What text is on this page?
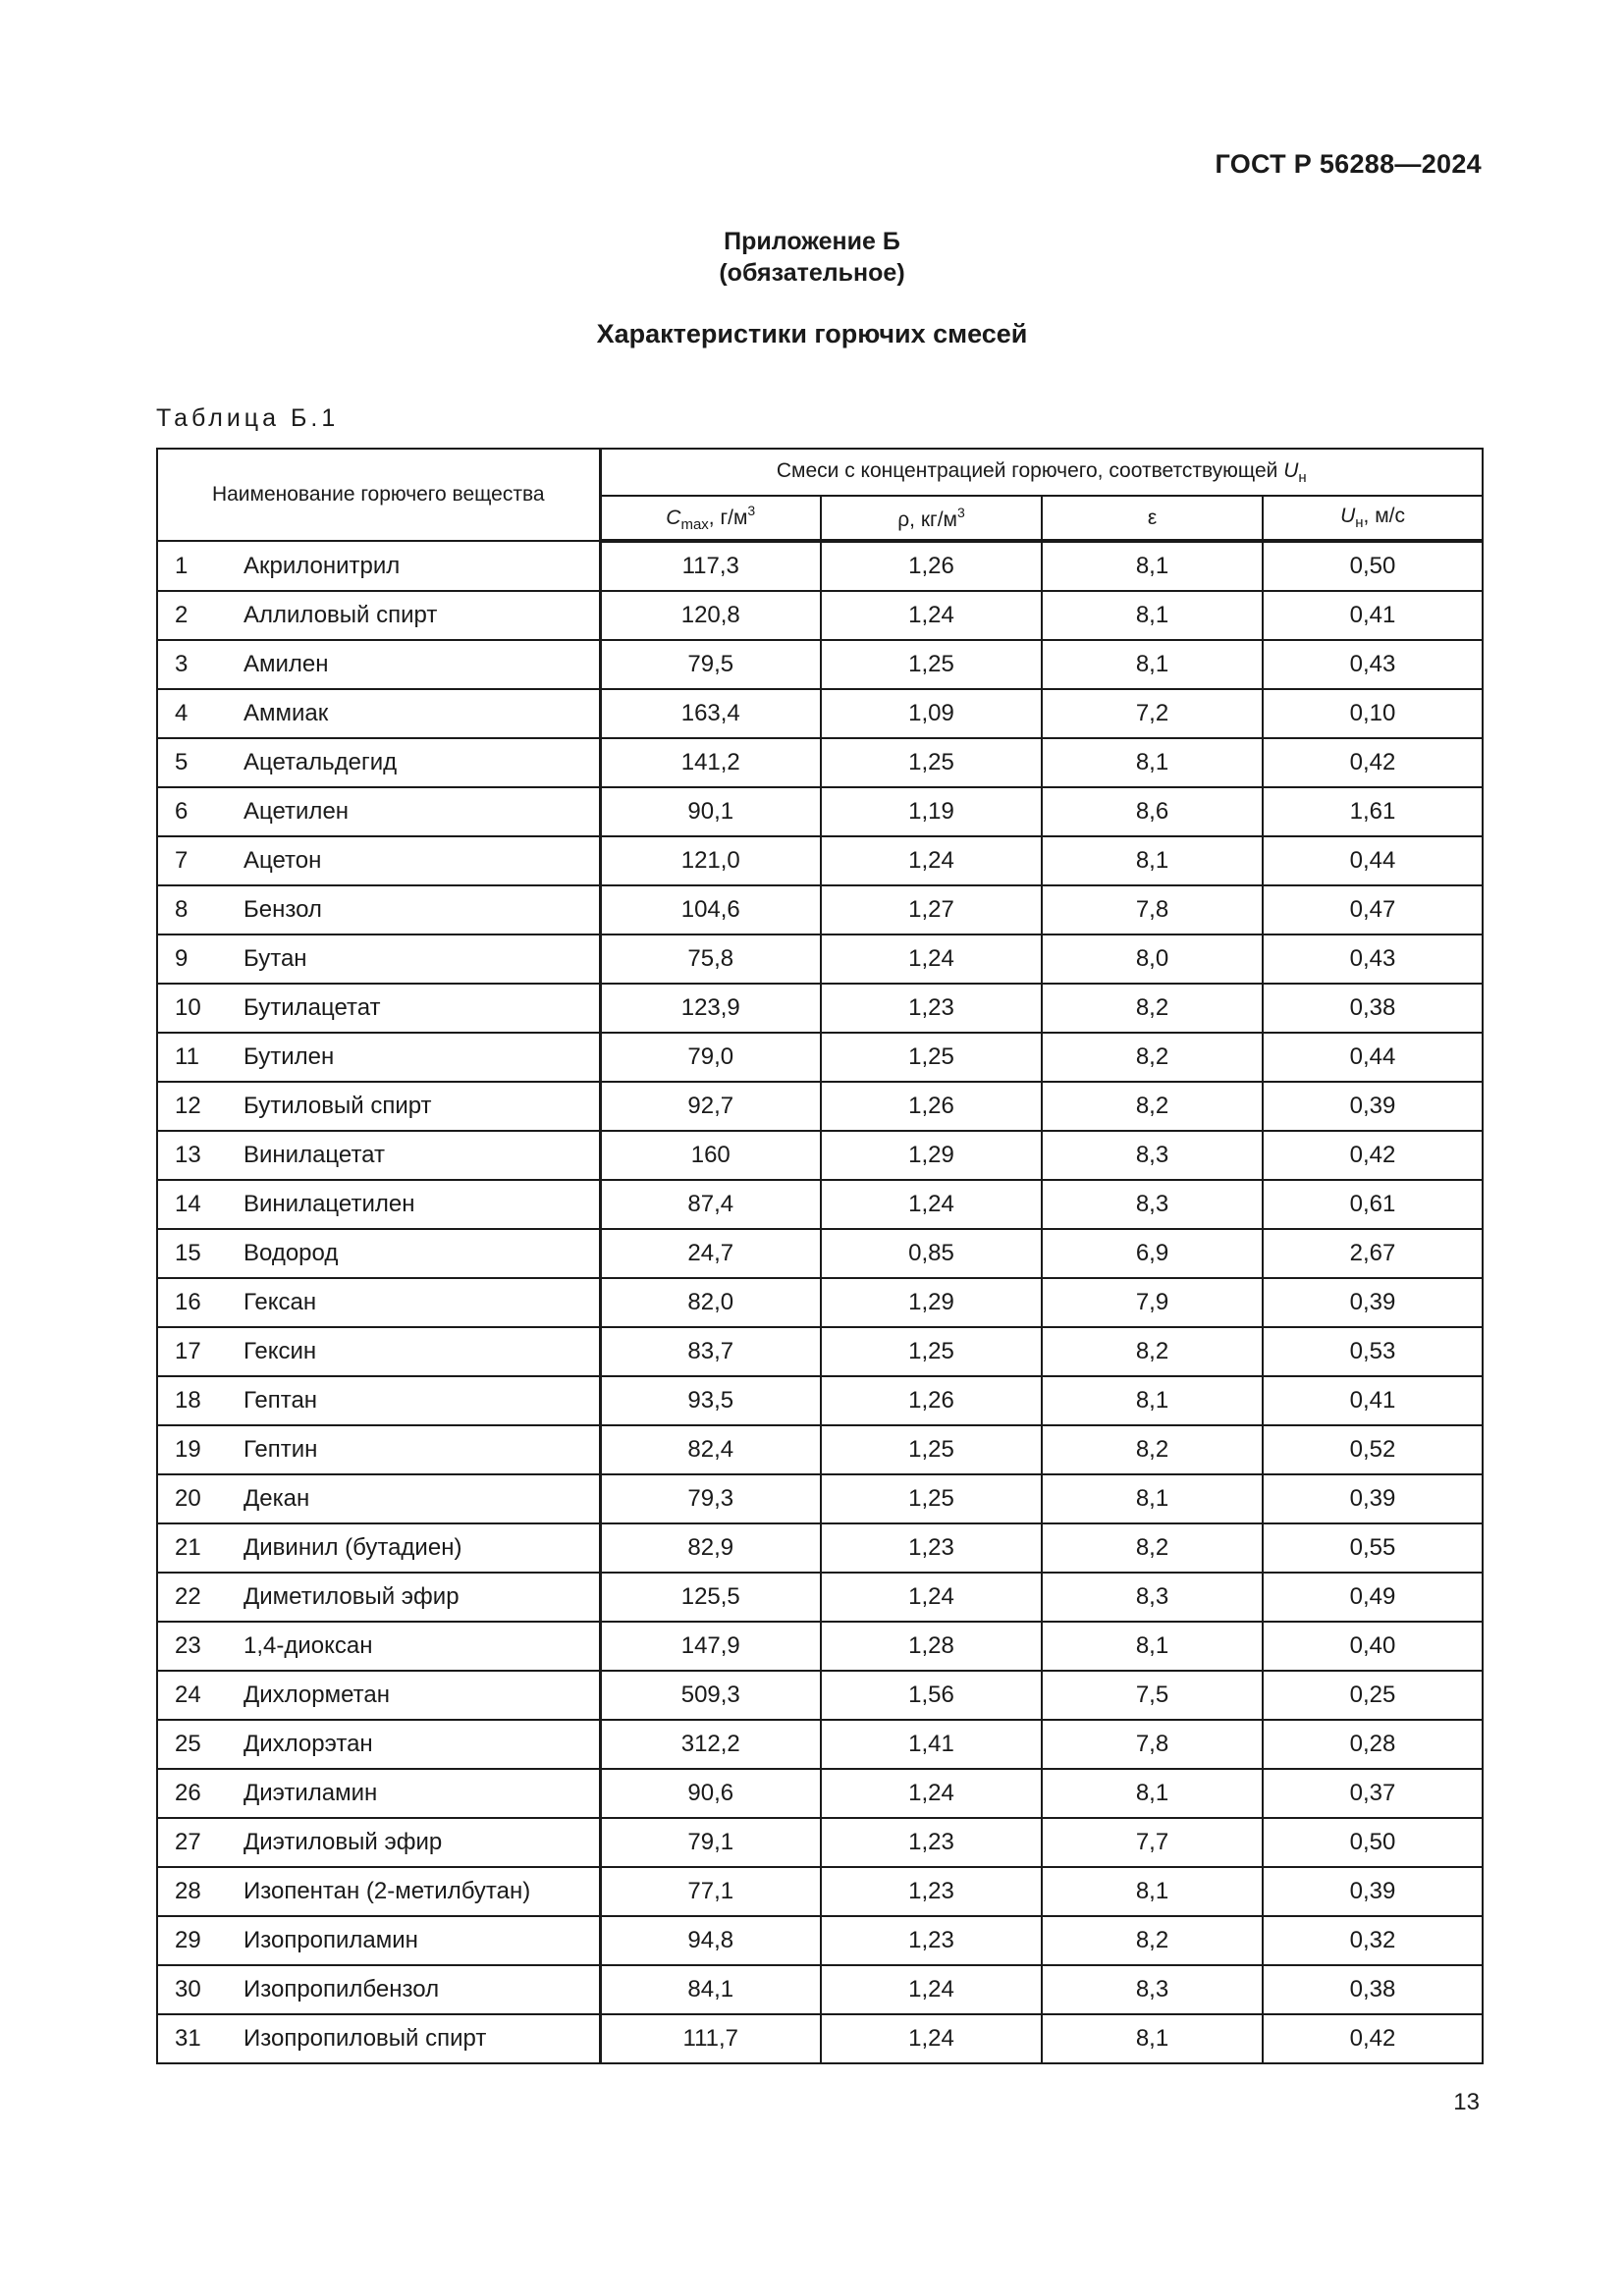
ГОСТ Р 56288—2024
Приложение Б
(обязательное)
Характеристики горючих смесей
Таблица Б.1
Наименование горючего вещества		Смеси с концентрацией горючего, соответствующей $U_н$
		$C_{max}$, $г/м^3$	ρ, $кг/м^3$	ε	$U_н$, м/с
1	Акрилонитрил	117,3	1,26	8,1	0,50
2	Аллиловый спирт	120,8	1,24	8,1	0,41
3	Амилен	79,5	1,25	8,1	0,43
4	Аммиак	163,4	1,09	7,2	0,10
5	Ацетальдегид	141,2	1,25	8,1	0,42
6	Ацетилен	90,1	1,19	8,6	1,61
7	Ацетон	121,0	1,24	8,1	0,44
8	Бензол	104,6	1,27	7,8	0,47
9	Бутан	75,8	1,24	8,0	0,43
10	Бутилацетат	123,9	1,23	8,2	0,38
11	Бутилен	79,0	1,25	8,2	0,44
12	Бутиловый спирт	92,7	1,26	8,2	0,39
13	Винилацетат	160	1,29	8,3	0,42
14	Винилацетилен	87,4	1,24	8,3	0,61
15	Водород	24,7	0,85	6,9	2,67
16	Гексан	82,0	1,29	7,9	0,39
17	Гексин	83,7	1,25	8,2	0,53
18	Гептан	93,5	1,26	8,1	0,41
19	Гептин	82,4	1,25	8,2	0,52
20	Декан	79,3	1,25	8,1	0,39
21	Дивинил (бутадиен)	82,9	1,23	8,2	0,55
22	Диметиловый эфир	125,5	1,24	8,3	0,49
23	1,4-диоксан	147,9	1,28	8,1	0,40
24	Дихлорметан	509,3	1,56	7,5	0,25
25	Дихлорэтан	312,2	1,41	7,8	0,28
26	Диэтиламин	90,6	1,24	8,1	0,37
27	Диэтиловый эфир	79,1	1,23	7,7	0,50
28	Изопентан (2-метилбутан)	77,1	1,23	8,1	0,39
29	Изопропиламин	94,8	1,23	8,2	0,32
30	Изопропилбензол	84,1	1,24	8,3	0,38
31	Изопропиловый спирт	111,7	1,24	8,1	0,42
13
